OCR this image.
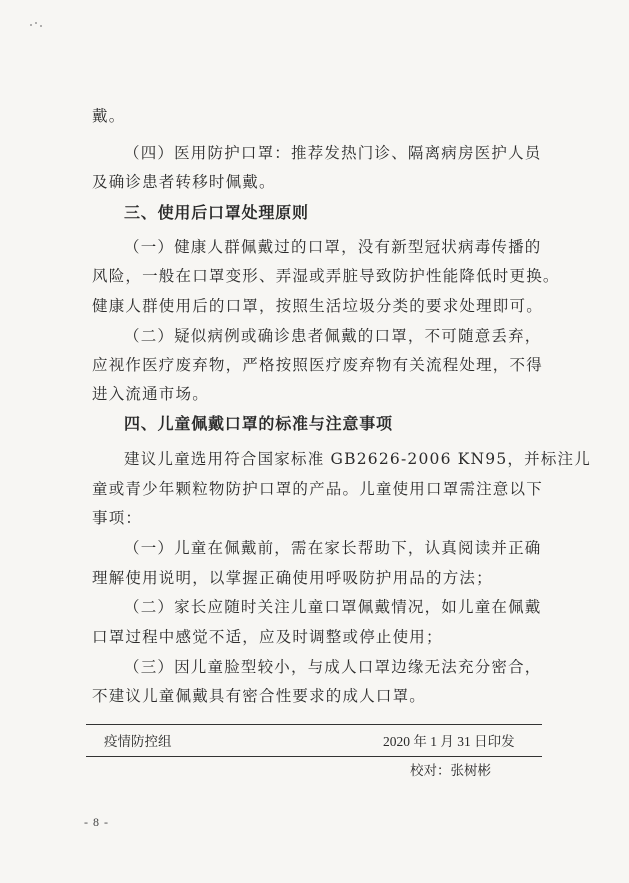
戴。
（四）医用防护口罩：推荐发热门诊、隔离病房医护人员
及确诊患者转移时佩戴。
三、使用后口罩处理原则
（一）健康人群佩戴过的口罩，没有新型冠状病毒传播的
风险，一般在口罩变形、弄湿或弄脏导致防护性能降低时更换。
健康人群使用后的口罩，按照生活垃圾分类的要求处理即可。
（二）疑似病例或确诊患者佩戴的口罩，不可随意丢弃，
应视作医疗废弃物，严格按照医疗废弃物有关流程处理，不得
进入流通市场。
四、儿童佩戴口罩的标准与注意事项
建议儿童选用符合国家标准 GB2626-2006 KN95，并标注儿
童或青少年颗粒物防护口罩的产品。儿童使用口罩需注意以下
事项：
（一）儿童在佩戴前，需在家长帮助下，认真阅读并正确
理解使用说明，以掌握正确使用呼吸防护用品的方法；
（二）家长应随时关注儿童口罩佩戴情况，如儿童在佩戴
口罩过程中感觉不适，应及时调整或停止使用；
（三）因儿童脸型较小，与成人口罩边缘无法充分密合，
不建议儿童佩戴具有密合性要求的成人口罩。
疫情防控组	2020 年 1 月 31 日印发
校对：张树彬
- 8 -
